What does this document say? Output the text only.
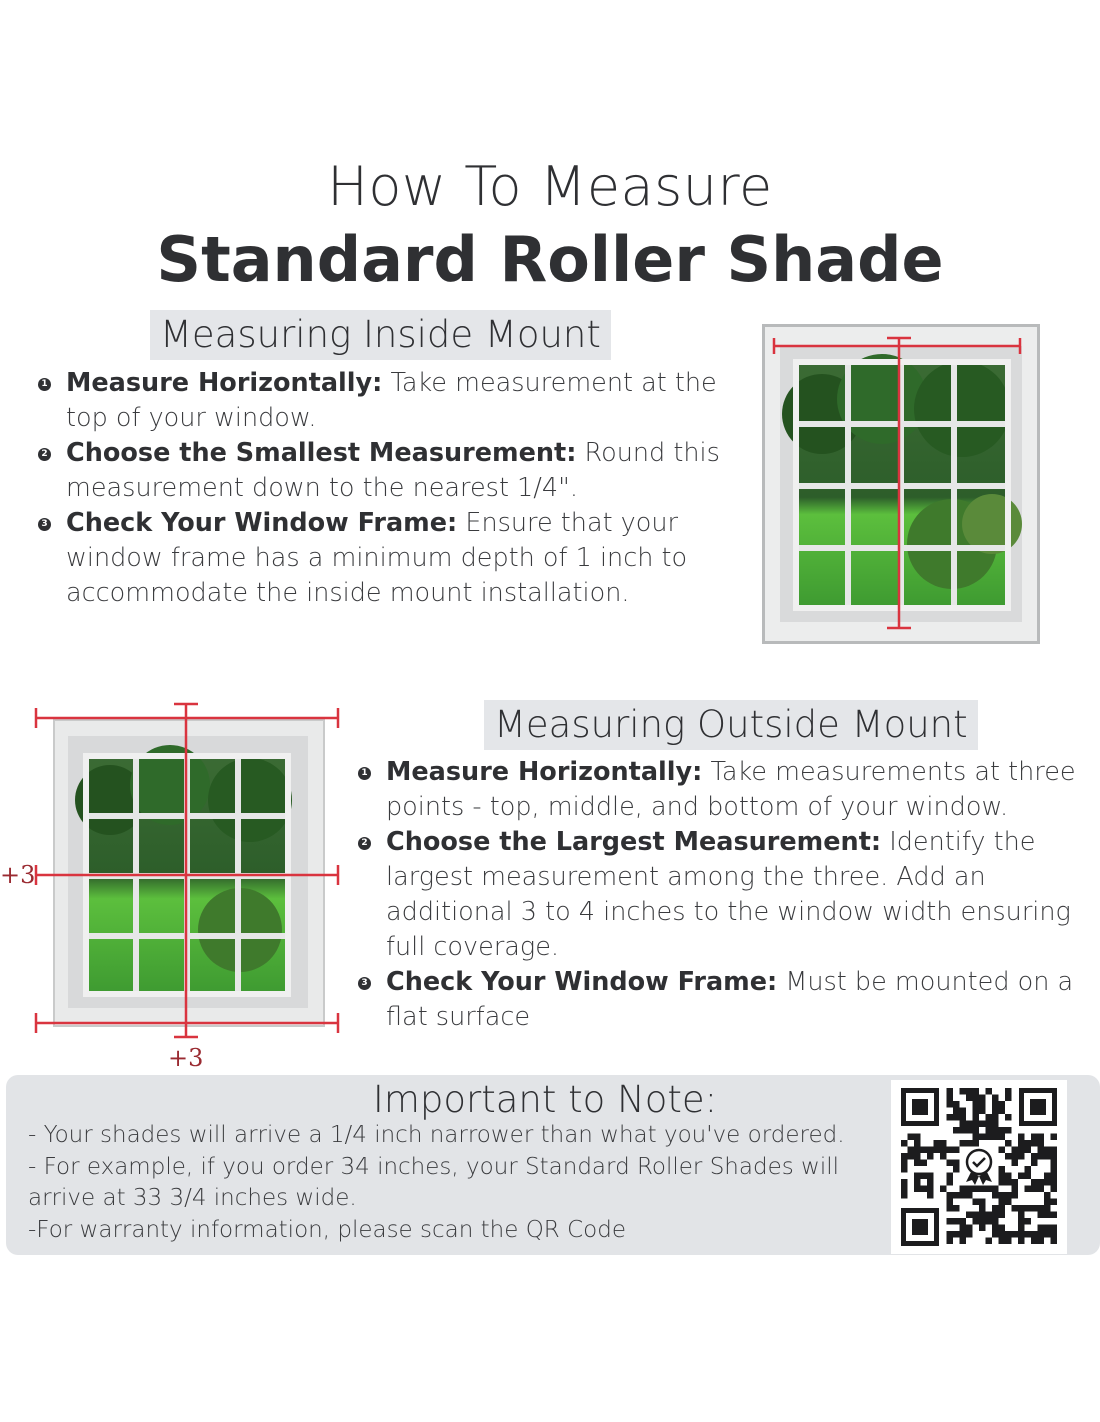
How To Measure
Standard Roller Shade
Measuring Inside Mount
1 Measure Horizontally: Take measurement at the top of your window.
2 Choose the Smallest Measurement: Round this measurement down to the nearest 1/4".
3 Check Your Window Frame: Ensure that your window frame has a minimum depth of 1 inch to accommodate the inside mount installation.
+3
+3
Measuring Outside Mount
1 Measure Horizontally: Take measurements at three points - top, middle, and bottom of your window.
2 Choose the Largest Measurement: Identify the largest measurement among the three. Add an additional 3 to 4 inches to the window width ensuring full coverage.
3 Check Your Window Frame: Must be mounted on a flat surface
Important to Note:
- Your shades will arrive a 1/4 inch narrower than what you've ordered.
- For example, if you order 34 inches, your Standard Roller Shades will arrive at 33 3/4 inches wide.
-For warranty information, please scan the QR Code
